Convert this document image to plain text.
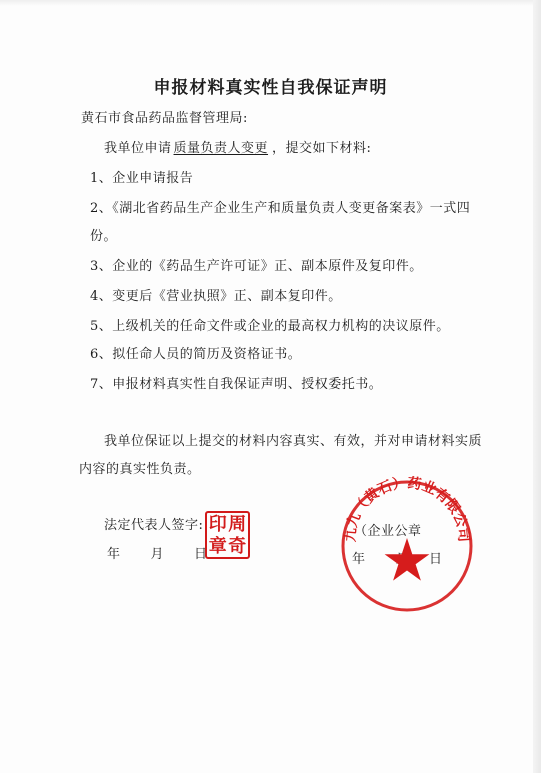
申报材料真实性自我保证声明
黄石市食品药品监督管理局:
我单位申请 质量负责人变更 ，提交如下材料:
1、企业申请报告
2、《湖北省药品生产企业生产和质量负责人变更备案表》一式四
份。
3、企业的《药品生产许可证》正、副本原件及复印件。
4、变更后《营业执照》正、副本复印件。
5、上级机关的任命文件或企业的最高权力机构的决议原件。
6、拟任命人员的简历及资格证书。
7、申报材料真实性自我保证声明、授权委托书。
我单位保证以上提交的材料内容真实、有效，并对申请材料实质
内容的真实性负责。
法定代表人签字:
年 月 日
（企业公章
年	日
印 周
章 奇
九九（黄石）药业有限公司
